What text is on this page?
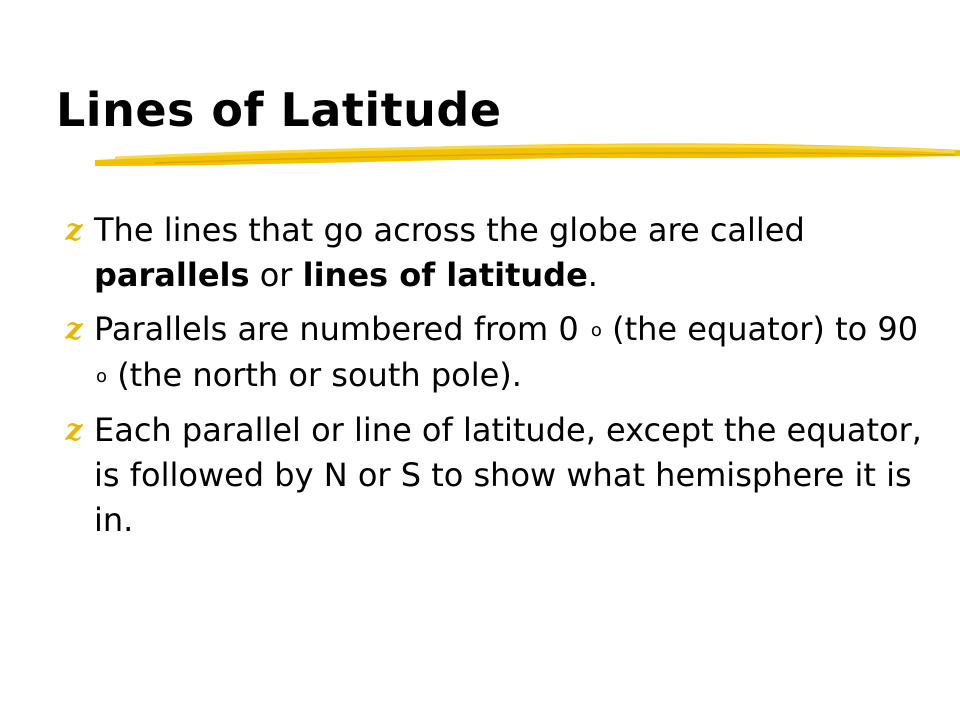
Lines of Latitude
z The lines that go across the globe are called parallels or lines of latitude.
z Parallels are numbered from 0 $^o$ (the equator) to 90 $^o$ (the north or south pole).
z Each parallel or line of latitude, except the equator, is followed by N or S to show what hemisphere it is in.
